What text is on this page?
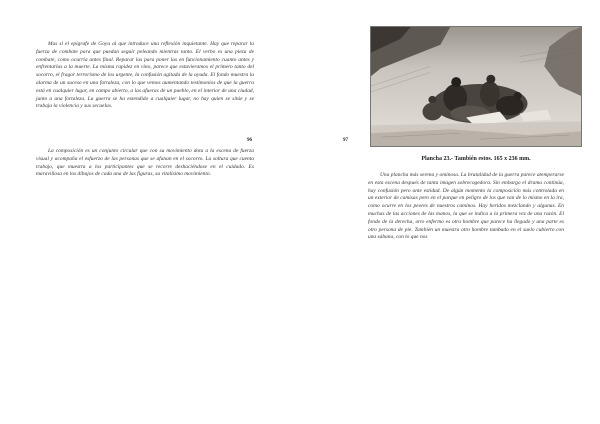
Mas si el epígrafe de Goya al que introduce una reflexión inquietante. Hay que reparar la fuerza de combate para que puedan seguir peleando mientras tanto. El verbo es una pieza de combate, como ocurría antes final. Reparar las para poner las en funcionamiento cuanto antes y enfrentarlas a la muerte. La misma rapidez en vino, parece que estuvieramos el primero tanto del socorro, el fragor terrorismo de los urgente, la confusión agitada de la ayuda. El fondo muestra la alarma de un suceso en una fortaleza, con lo que vemos aumentando testimonios de que la guerra está en cualquier lugar, en campo abierto, a las afueras de un pueblo, en el interior de una ciudad, junto a una fortaleza. La guerra se ha extendido a cualquier lugar, no hay quien se sitúe y se trabaja la violencia y sus secuelas.

La composición es un conjunto circular que con su movimiento dota a la escena de fuerza visual y acompaña el esfuerzo de las personas que se afanan en el socorro. La soltura que cuenta trabajo, que muestra a los participantes que se recorre deshaciéndose en el cuidado. Es maravillosa en los dibujos de cada una de las figuras, su vitalísimo movimiento.

96	97
Plancha 23.- También estos. 165 x 236 mm.

Una plancha más serena y ominosa. La brutalidad de la guerra parece atemperarse en esta escena después de tanta imagen sobrecogedora. Sin embargo el drama continúa, hay confusión pero ante estidad. De algún momento la composición más controlada en un exterior de camisas pero en el parque en peligro de los que van de lo mismo en la ira, como ocurre en los peores de nuestros caminos. Hay heridos mezclando y algunas. En muchas de las acciones de las manos, la que se indica a la primera vez de una razón. El fondo de la derecha, otro enfermo es otra hombre que parece ha llegado y una parte es otro persona de pie. También un muestra otro hombre tumbado en el suelo cubierto con una sábana, con lo que nos
